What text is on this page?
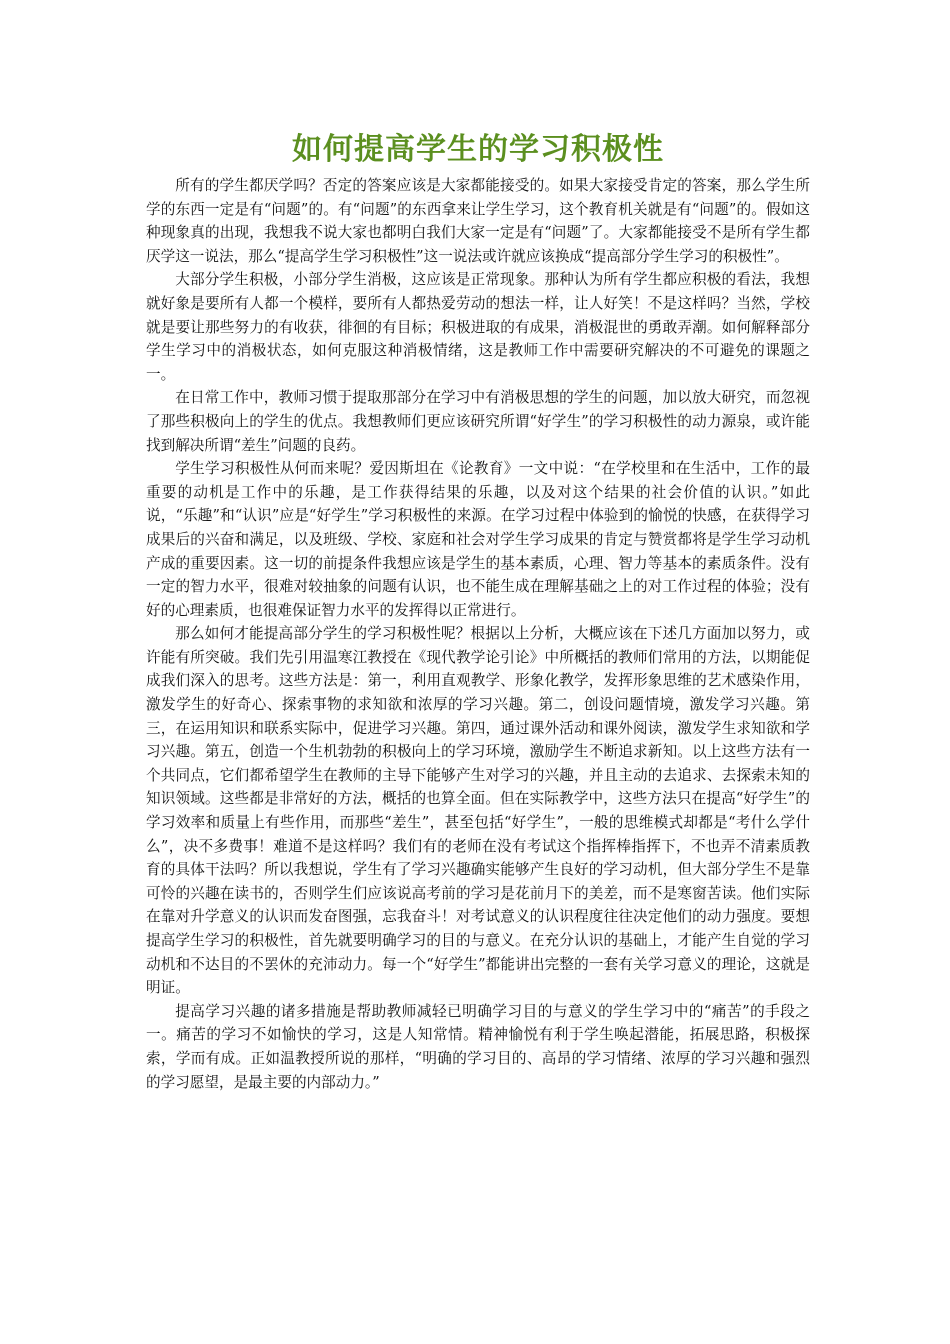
如何提高学生的学习积极性

所有的学生都厌学吗？否定的答案应该是大家都能接受的。如果大家接受肯定的答案，那么学生所学的东西一定是有“问题”的。有“问题”的东西拿来让学生学习，这个教育机关就是有“问题”的。假如这种现象真的出现，我想我不说大家也都明白我们大家一定是有“问题”了。大家都能接受不是所有学生都厌学这一说法，那么“提高学生学习积极性”这一说法或许就应该换成“提高部分学生学习的积极性”。

大部分学生积极，小部分学生消极，这应该是正常现象。那种认为所有学生都应积极的看法，我想就好象是要所有人都一个模样，要所有人都热爱劳动的想法一样，让人好笑！不是这样吗？当然，学校就是要让那些努力的有收获，徘徊的有目标；积极进取的有成果，消极混世的勇敢弄潮。如何解释部分学生学习中的消极状态，如何克服这种消极情绪，这是教师工作中需要研究解决的不可避免的课题之一。

在日常工作中，教师习惯于提取那部分在学习中有消极思想的学生的问题，加以放大研究，而忽视了那些积极向上的学生的优点。我想教师们更应该研究所谓“好学生”的学习积极性的动力源泉，或许能找到解决所谓“差生”问题的良药。

学生学习积极性从何而来呢？爱因斯坦在《论教育》一文中说：“在学校里和在生活中，工作的最重要的动机是工作中的乐趣，是工作获得结果的乐趣，以及对这个结果的社会价值的认识。”如此说，“乐趣”和“认识”应是“好学生”学习积极性的来源。在学习过程中体验到的愉悦的快感，在获得学习成果后的兴奋和满足，以及班级、学校、家庭和社会对学生学习成果的肯定与赞赏都将是学生学习动机产成的重要因素。这一切的前提条件我想应该是学生的基本素质，心理、智力等基本的素质条件。没有一定的智力水平，很难对较抽象的问题有认识，也不能生成在理解基础之上的对工作过程的体验；没有好的心理素质，也很难保证智力水平的发挥得以正常进行。

那么如何才能提高部分学生的学习积极性呢？根据以上分析，大概应该在下述几方面加以努力，或许能有所突破。我们先引用温寒江教授在《现代教学论引论》中所概括的教师们常用的方法，以期能促成我们深入的思考。这些方法是：第一，利用直观教学、形象化教学，发挥形象思维的艺术感染作用，激发学生的好奇心、探索事物的求知欲和浓厚的学习兴趣。第二，创设问题情境，激发学习兴趣。第三，在运用知识和联系实际中，促进学习兴趣。第四，通过课外活动和课外阅读，激发学生求知欲和学习兴趣。第五，创造一个生机勃勃的积极向上的学习环境，激励学生不断追求新知。以上这些方法有一个共同点，它们都希望学生在教师的主导下能够产生对学习的兴趣，并且主动的去追求、去探索未知的知识领域。这些都是非常好的方法，概括的也算全面。但在实际教学中，这些方法只在提高“好学生”的学习效率和质量上有些作用，而那些“差生”，甚至包括“好学生”，一般的思维模式却都是“考什么学什么”，决不多费事！难道不是这样吗？我们有的老师在没有考试这个指挥棒指挥下，不也弄不清素质教育的具体干法吗？所以我想说，学生有了学习兴趣确实能够产生良好的学习动机，但大部分学生不是靠可怜的兴趣在读书的，否则学生们应该说高考前的学习是花前月下的美差，而不是寒窗苦读。他们实际在靠对升学意义的认识而发奋图强，忘我奋斗！对考试意义的认识程度往往决定他们的动力强度。要想提高学生学习的积极性，首先就要明确学习的目的与意义。在充分认识的基础上，才能产生自觉的学习动机和不达目的不罢休的充沛动力。每一个“好学生”都能讲出完整的一套有关学习意义的理论，这就是明证。

提高学习兴趣的诸多措施是帮助教师减轻已明确学习目的与意义的学生学习中的“痛苦”的手段之一。痛苦的学习不如愉快的学习，这是人知常情。精神愉悦有利于学生唤起潜能，拓展思路，积极探索，学而有成。正如温教授所说的那样，“明确的学习目的、高昂的学习情绪、浓厚的学习兴趣和强烈的学习愿望，是最主要的内部动力。”
